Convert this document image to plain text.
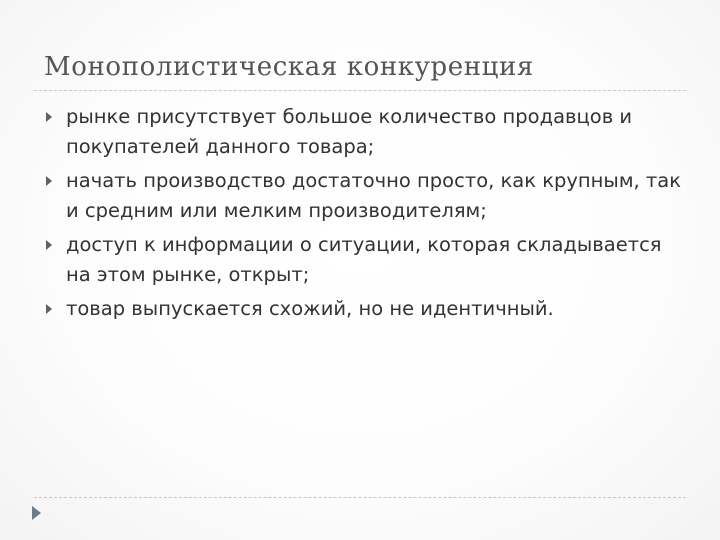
Монополистическая конкуренция
рынке присутствует большое количество продавцов и покупателей данного товара;
начать производство достаточно просто, как крупным, так и средним или мелким производителям;
доступ к информации о ситуации, которая складывается на этом рынке, открыт;
товар выпускается схожий, но не идентичный.
